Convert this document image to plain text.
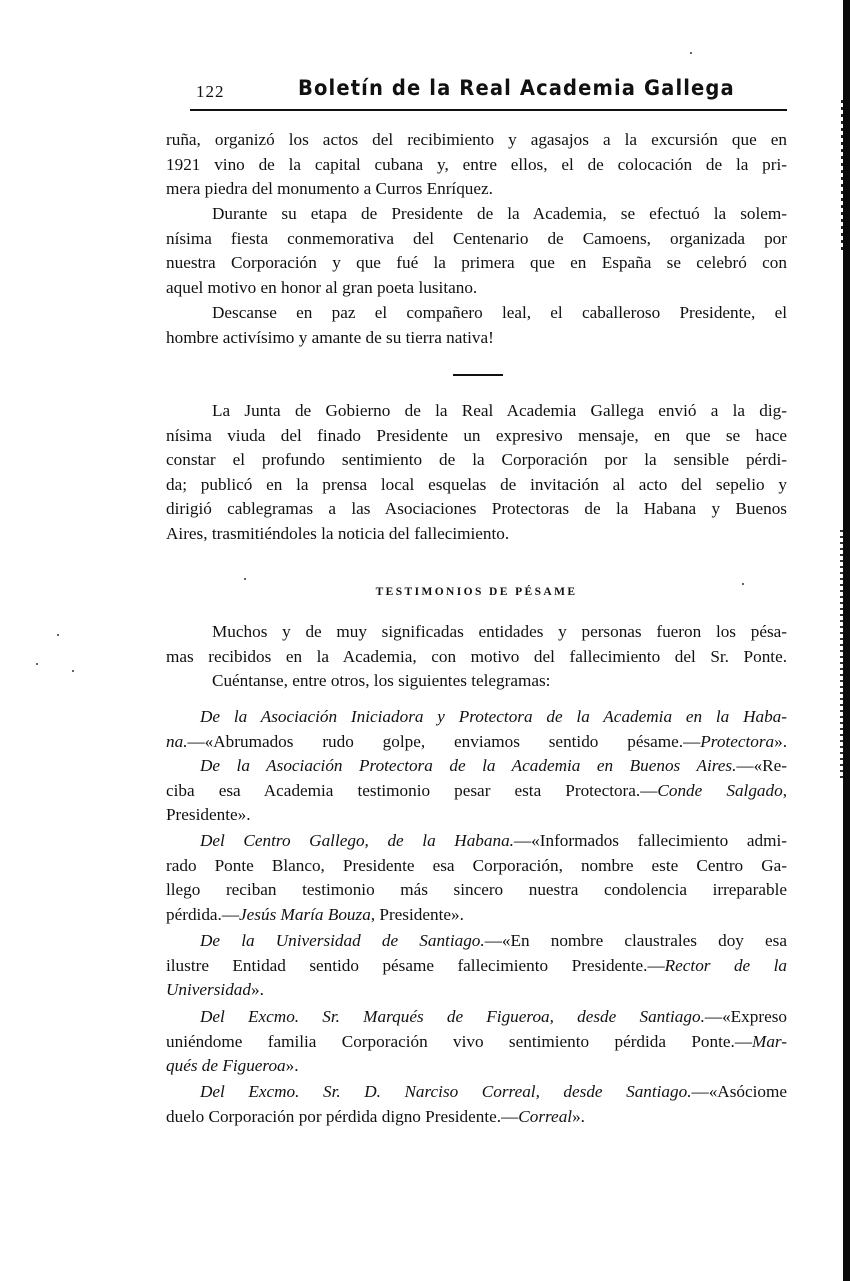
122	Boletín de la Real Academia Gallega
ruña, organizó los actos del recibimiento y agasajos a la excursión que en
1921 vino de la capital cubana y, entre ellos, el de colocación de la pri-
mera piedra del monumento a Curros Enríquez.
Durante su etapa de Presidente de la Academia, se efectuó la solem-
nísima fiesta conmemorativa del Centenario de Camoens, organizada por
nuestra Corporación y que fué la primera que en España se celebró con
aquel motivo en honor al gran poeta lusitano.
Descanse en paz el compañero leal, el caballeroso Presidente, el
hombre activísimo y amante de su tierra nativa!
La Junta de Gobierno de la Real Academia Gallega envió a la dig-
nísima viuda del finado Presidente un expresivo mensaje, en que se hace
constar el profundo sentimiento de la Corporación por la sensible pérdi-
da; publicó en la prensa local esquelas de invitación al acto del sepelio y
dirigió cablegramas a las Asociaciones Protectoras de la Habana y Buenos
Aires, trasmitiéndoles la noticia del fallecimiento.
TESTIMONIOS DE PÉSAME
Muchos y de muy significadas entidades y personas fueron los pésa-
mas recibidos en la Academia, con motivo del fallecimiento del Sr. Ponte.
Cuéntanse, entre otros, los siguientes telegramas:
De la Asociación Iniciadora y Protectora de la Academia en la Haba-
na.—«Abrumados rudo golpe, enviamos sentido pésame.—Protectora».
De la Asociación Protectora de la Academia en Buenos Aires.—«Re-
ciba esa Academia testimonio pesar esta Protectora.—Conde Salgado,
Presidente».
Del Centro Gallego, de la Habana.—«Informados fallecimiento admi-
rado Ponte Blanco, Presidente esa Corporación, nombre este Centro Ga-
llego reciban testimonio más sincero nuestra condolencia irreparable
pérdida.—Jesús María Bouza, Presidente».
De la Universidad de Santiago.—«En nombre claustrales doy esa
ilustre Entidad sentido pésame fallecimiento Presidente.—Rector de la
Universidad».
Del Excmo. Sr. Marqués de Figueroa, desde Santiago.—«Expreso
uniéndome familia Corporación vivo sentimiento pérdida Ponte.—Mar-
qués de Figueroa».
Del Excmo. Sr. D. Narciso Correal, desde Santiago.—«Asóciome
duelo Corporación por pérdida digno Presidente.—Correal».
